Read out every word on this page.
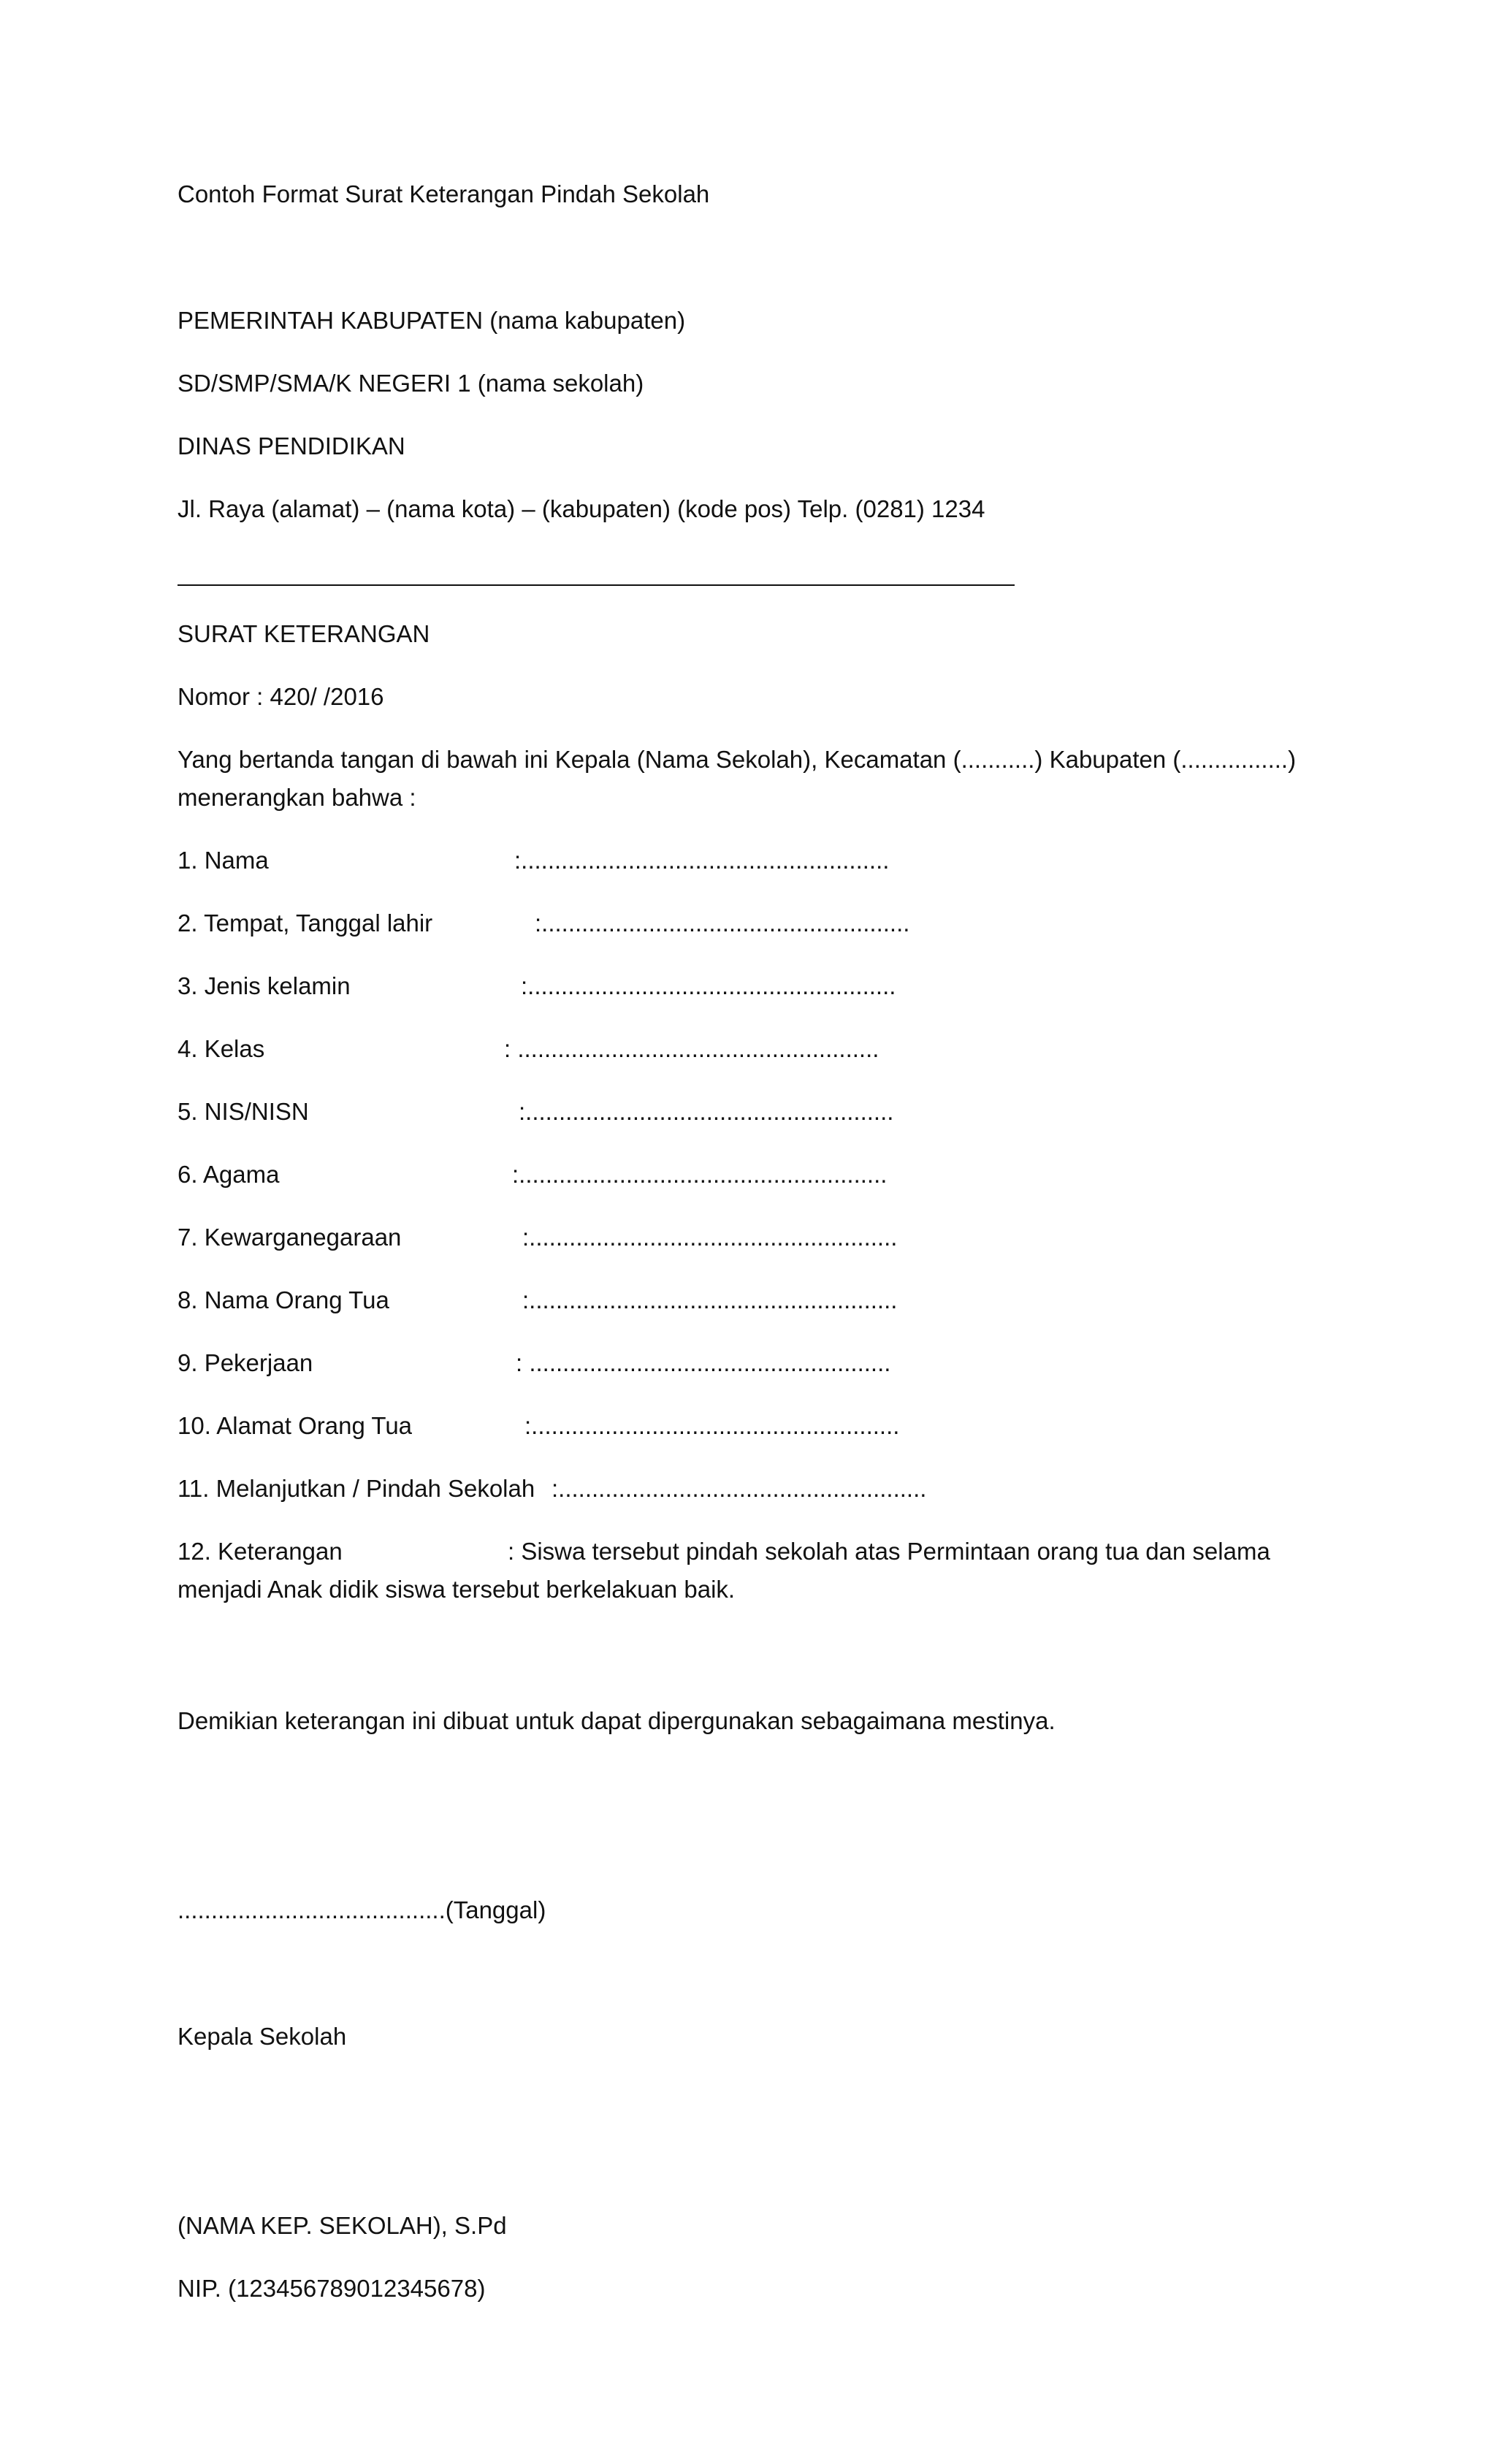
Contoh Format Surat Keterangan Pindah Sekolah
PEMERINTAH KABUPATEN (nama kabupaten)
SD/SMP/SMA/K NEGERI 1 (nama sekolah)
DINAS PENDIDIKAN
Jl. Raya (alamat) – (nama kota) – (kabupaten) (kode pos) Telp. (0281) 1234
SURAT KETERANGAN
Nomor : 420/ /2016
Yang bertanda tangan di bawah ini Kepala (Nama Sekolah), Kecamatan (...........) Kabupaten (................) menerangkan bahwa :
1. Nama	:.......................................................
2. Tempat, Tanggal lahir	:.......................................................
3. Jenis kelamin	:.......................................................
4. Kelas	: ......................................................
5. NIS/NISN	:.......................................................
6. Agama	:.......................................................
7. Kewarganegaraan	:.......................................................
8. Nama Orang Tua	:.......................................................
9. Pekerjaan	: ......................................................
10. Alamat Orang Tua	:.......................................................
11. Melanjutkan / Pindah Sekolah :.......................................................
12. Keterangan	: Siswa tersebut pindah sekolah atas Permintaan orang tua dan selama menjadi Anak didik siswa tersebut berkelakuan baik.
Demikian keterangan ini dibuat untuk dapat dipergunakan sebagaimana mestinya.
........................................(Tanggal)
Kepala Sekolah
(NAMA KEP. SEKOLAH), S.Pd
NIP. (123456789012345678)
